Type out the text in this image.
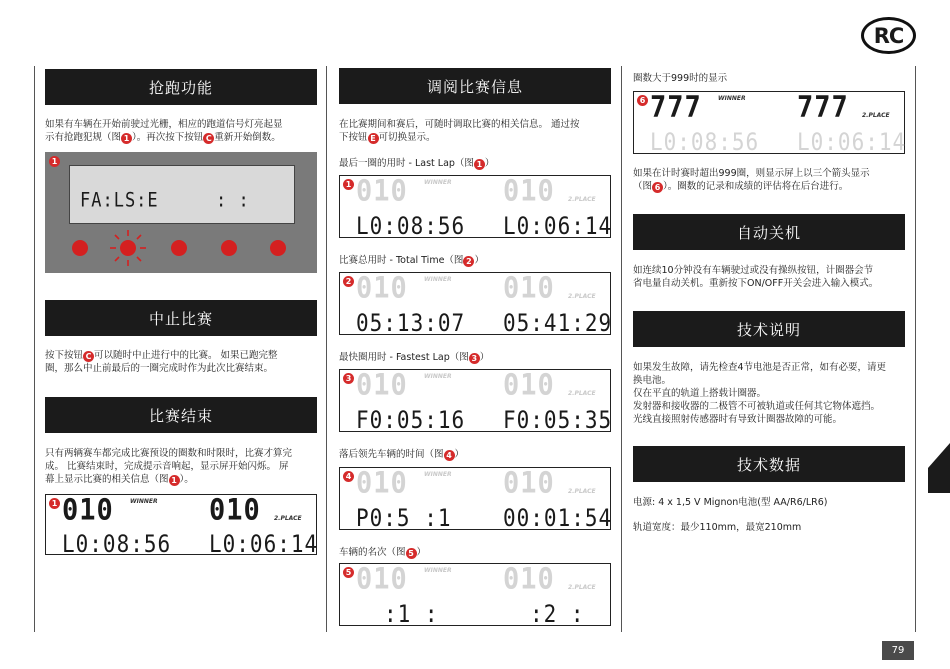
RC
79
抢跑功能
如果有车辆在开始前驶过光栅，相应的跑道信号灯亮起显
示有抢跑犯规（图 1 ）。再次按下按钮 C 重新开始倒数。
1
FA:LS:E	: :
中止比赛
按下按钮 C 可以随时中止进行中的比赛。 如果已跑完整
圈，那么中止前最后的一圈完成时作为此次比赛结束。
比赛结束
只有两辆赛车都完成比赛预设的圈数和时限时，比赛才算完
成。 比赛结束时，完成提示音响起，显示屏开始闪烁。 屏
幕上显示比赛的相关信息（图 1 ）。
1 010	WINNER 010 2.PLACE
L0:08:56 L0:06:14
调阅比赛信息
在比赛期间和赛后，可随时调取比赛的相关信息。 通过按
下按钮 E 可切换显示。
最后一圈的用时 - Last Lap（图 1 ）
1 010	WINNER 010 2.PLACE
L0:08:56 L0:06:14
比赛总用时 - Total Time（图 2 ）
2 010	WINNER 010 2.PLACE
05:13:07 05:41:29
最快圈用时 - Fastest Lap（图 3 ）
3 010	WINNER 010 2.PLACE
F0:05:16 F0:05:35
落后领先车辆的时间（图 4 ）
4 010	WINNER 010 2.PLACE
P0:5 :1 00:01:54
车辆的名次（图 5 ）
5 010	WINNER 010 2.PLACE
:1 :	:2 :
圈数大于999时的显示
6 777	WINNER 777 2.PLACE
L0:08:56 L0:06:14
如果在计时赛时超出999圈，则显示屏上以三个箭头显示
（图 6 ）。圈数的记录和成绩的评估将在后台进行。
自动关机
如连续10分钟没有车辆驶过或没有操纵按钮，计圈器会节
省电量自动关机。重新按下ON/OFF开关会进入输入模式。
技术说明
如果发生故障，请先检查4节电池是否正常，如有必要，请更
换电池。
仅在平直的轨道上搭载计圈器。
发射器和接收器的二极管不可被轨道或任何其它物体遮挡。
光线直接照射传感器时有导致计圈器故障的可能。
技术数据
电源: 4 x 1,5 V Mignon电池(型 AA/R6/LR6)
轨道宽度：最少110mm，最宽210mm
